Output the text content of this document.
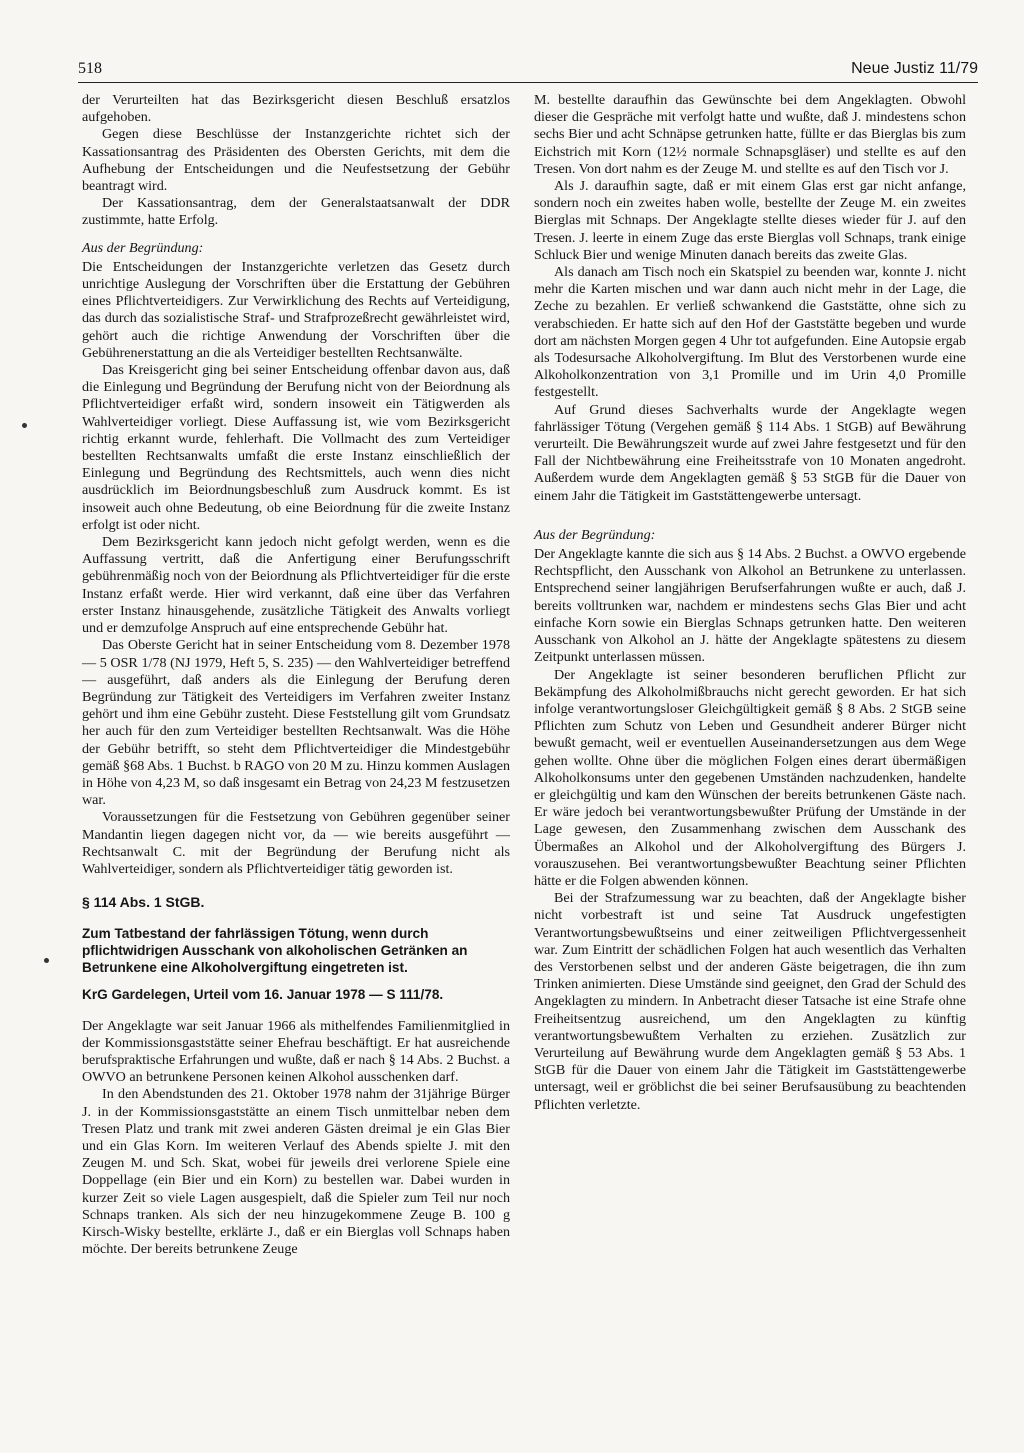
518	Neue Justiz 11/79

der Verurteilten hat das Bezirksgericht diesen Beschluß ersatzlos aufgehoben.

Gegen diese Beschlüsse der Instanzgerichte richtet sich der Kassationsantrag des Präsidenten des Obersten Gerichts, mit dem die Aufhebung der Entscheidungen und die Neufestsetzung der Gebühr beantragt wird.

Der Kassationsantrag, dem der Generalstaatsanwalt der DDR zustimmte, hatte Erfolg.

Aus der Begründung:

Die Entscheidungen der Instanzgerichte verletzen das Gesetz durch unrichtige Auslegung der Vorschriften über die Erstattung der Gebühren eines Pflichtverteidigers. Zur Verwirklichung des Rechts auf Verteidigung, das durch das sozialistische Straf- und Strafprozeßrecht gewährleistet wird, gehört auch die richtige Anwendung der Vorschriften über die Gebührenerstattung an die als Verteidiger bestellten Rechtsanwälte.

Das Kreisgericht ging bei seiner Entscheidung offenbar davon aus, daß die Einlegung und Begründung der Berufung nicht von der Beiordnung als Pflichtverteidiger erfaßt wird, sondern insoweit ein Tätigwerden als Wahlverteidiger vorliegt. Diese Auffassung ist, wie vom Bezirksgericht richtig erkannt wurde, fehlerhaft. Die Vollmacht des zum Verteidiger bestellten Rechtsanwalts umfaßt die erste Instanz einschließlich der Einlegung und Begründung des Rechtsmittels, auch wenn dies nicht ausdrücklich im Beiordnungsbeschluß zum Ausdruck kommt. Es ist insoweit auch ohne Bedeutung, ob eine Beiordnung für die zweite Instanz erfolgt ist oder nicht.

Dem Bezirksgericht kann jedoch nicht gefolgt werden, wenn es die Auffassung vertritt, daß die Anfertigung einer Berufungsschrift gebührenmäßig noch von der Beiordnung als Pflichtverteidiger für die erste Instanz erfaßt werde. Hier wird verkannt, daß eine über das Verfahren erster Instanz hinausgehende, zusätzliche Tätigkeit des Anwalts vorliegt und er demzufolge Anspruch auf eine entsprechende Gebühr hat.

Das Oberste Gericht hat in seiner Entscheidung vom 8. Dezember 1978 — 5 OSR 1/78 (NJ 1979, Heft 5, S. 235) — den Wahlverteidiger betreffend — ausgeführt, daß anders als die Einlegung der Berufung deren Begründung zur Tätigkeit des Verteidigers im Verfahren zweiter Instanz gehört und ihm eine Gebühr zusteht. Diese Feststellung gilt vom Grundsatz her auch für den zum Verteidiger bestellten Rechtsanwalt. Was die Höhe der Gebühr betrifft, so steht dem Pflichtverteidiger die Mindestgebühr gemäß §68 Abs. 1 Buchst. b RAGO von 20 M zu. Hinzu kommen Auslagen in Höhe von 4,23 M, so daß insgesamt ein Betrag von 24,23 M festzusetzen war.

Voraussetzungen für die Festsetzung von Gebühren gegenüber seiner Mandantin liegen dagegen nicht vor, da — wie bereits ausgeführt — Rechtsanwalt C. mit der Begründung der Berufung nicht als Wahlverteidiger, sondern als Pflichtverteidiger tätig geworden ist.

§ 114 Abs. 1 StGB.
Zum Tatbestand der fahrlässigen Tötung, wenn durch pflichtwidrigen Ausschank von alkoholischen Getränken an Betrunkene eine Alkoholvergiftung eingetreten ist.
KrG Gardelegen, Urteil vom 16. Januar 1978 — S 111/78.

Der Angeklagte war seit Januar 1966 als mithelfendes Familienmitglied in der Kommissionsgaststätte seiner Ehefrau beschäftigt. Er hat ausreichende berufspraktische Erfahrungen und wußte, daß er nach § 14 Abs. 2 Buchst. a OWVO an betrunkene Personen keinen Alkohol ausschenken darf.

In den Abendstunden des 21. Oktober 1978 nahm der 31jährige Bürger J. in der Kommissionsgaststätte an einem Tisch unmittelbar neben dem Tresen Platz und trank mit zwei anderen Gästen dreimal je ein Glas Bier und ein Glas Korn. Im weiteren Verlauf des Abends spielte J. mit den Zeugen M. und Sch. Skat, wobei für jeweils drei verlorene Spiele eine Doppellage (ein Bier und ein Korn) zu bestellen war. Dabei wurden in kurzer Zeit so viele Lagen ausgespielt, daß die Spieler zum Teil nur noch Schnaps tranken. Als sich der neu hinzugekommene Zeuge B. 100 g Kirsch-Wisky bestellte, erklärte J., daß er ein Bierglas voll Schnaps haben möchte. Der bereits betrunkene Zeuge

M. bestellte daraufhin das Gewünschte bei dem Angeklagten. Obwohl dieser die Gespräche mit verfolgt hatte und wußte, daß J. mindestens schon sechs Bier und acht Schnäpse getrunken hatte, füllte er das Bierglas bis zum Eichstrich mit Korn (12½ normale Schnapsgläser) und stellte es auf den Tresen. Von dort nahm es der Zeuge M. und stellte es auf den Tisch vor J.

Als J. daraufhin sagte, daß er mit einem Glas erst gar nicht anfange, sondern noch ein zweites haben wolle, bestellte der Zeuge M. ein zweites Bierglas mit Schnaps. Der Angeklagte stellte dieses wieder für J. auf den Tresen. J. leerte in einem Zuge das erste Bierglas voll Schnaps, trank einige Schluck Bier und wenige Minuten danach bereits das zweite Glas.

Als danach am Tisch noch ein Skatspiel zu beenden war, konnte J. nicht mehr die Karten mischen und war dann auch nicht mehr in der Lage, die Zeche zu bezahlen. Er verließ schwankend die Gaststätte, ohne sich zu verabschieden. Er hatte sich auf den Hof der Gaststätte begeben und wurde dort am nächsten Morgen gegen 4 Uhr tot aufgefunden. Eine Autopsie ergab als Todesursache Alkoholvergiftung. Im Blut des Verstorbenen wurde eine Alkoholkonzentration von 3,1 Promille und im Urin 4,0 Promille festgestellt.

Auf Grund dieses Sachverhalts wurde der Angeklagte wegen fahrlässiger Tötung (Vergehen gemäß § 114 Abs. 1 StGB) auf Bewährung verurteilt. Die Bewährungszeit wurde auf zwei Jahre festgesetzt und für den Fall der Nichtbewährung eine Freiheitsstrafe von 10 Monaten angedroht. Außerdem wurde dem Angeklagten gemäß § 53 StGB für die Dauer von einem Jahr die Tätigkeit im Gaststättengewerbe untersagt.

Aus der Begründung:

Der Angeklagte kannte die sich aus § 14 Abs. 2 Buchst. a OWVO ergebende Rechtspflicht, den Ausschank von Alkohol an Betrunkene zu unterlassen. Entsprechend seiner langjährigen Berufserfahrungen wußte er auch, daß J. bereits volltrunken war, nachdem er mindestens sechs Glas Bier und acht einfache Korn sowie ein Bierglas Schnaps getrunken hatte. Den weiteren Ausschank von Alkohol an J. hätte der Angeklagte spätestens zu diesem Zeitpunkt unterlassen müssen.

Der Angeklagte ist seiner besonderen beruflichen Pflicht zur Bekämpfung des Alkoholmißbrauchs nicht gerecht geworden. Er hat sich infolge verantwortungsloser Gleichgültigkeit gemäß § 8 Abs. 2 StGB seine Pflichten zum Schutz von Leben und Gesundheit anderer Bürger nicht bewußt gemacht, weil er eventuellen Auseinandersetzungen aus dem Wege gehen wollte. Ohne über die möglichen Folgen eines derart übermäßigen Alkoholkonsums unter den gegebenen Umständen nachzudenken, handelte er gleichgültig und kam den Wünschen der bereits betrunkenen Gäste nach. Er wäre jedoch bei verantwortungsbewußter Prüfung der Umstände in der Lage gewesen, den Zusammenhang zwischen dem Ausschank des Übermaßes an Alkohol und der Alkoholvergiftung des Bürgers J. vorauszusehen. Bei verantwortungsbewußter Beachtung seiner Pflichten hätte er die Folgen abwenden können.

Bei der Strafzumessung war zu beachten, daß der Angeklagte bisher nicht vorbestraft ist und seine Tat Ausdruck ungefestigten Verantwortungsbewußtseins und einer zeitweiligen Pflichtvergessenheit war. Zum Eintritt der schädlichen Folgen hat auch wesentlich das Verhalten des Verstorbenen selbst und der anderen Gäste beigetragen, die ihn zum Trinken animierten. Diese Umstände sind geeignet, den Grad der Schuld des Angeklagten zu mindern. In Anbetracht dieser Tatsache ist eine Strafe ohne Freiheitsentzug ausreichend, um den Angeklagten zu künftig verantwortungsbewußtem Verhalten zu erziehen. Zusätzlich zur Verurteilung auf Bewährung wurde dem Angeklagten gemäß § 53 Abs. 1 StGB für die Dauer von einem Jahr die Tätigkeit im Gaststättengewerbe untersagt, weil er gröblichst die bei seiner Berufsausübung zu beachtenden Pflichten verletzte.
